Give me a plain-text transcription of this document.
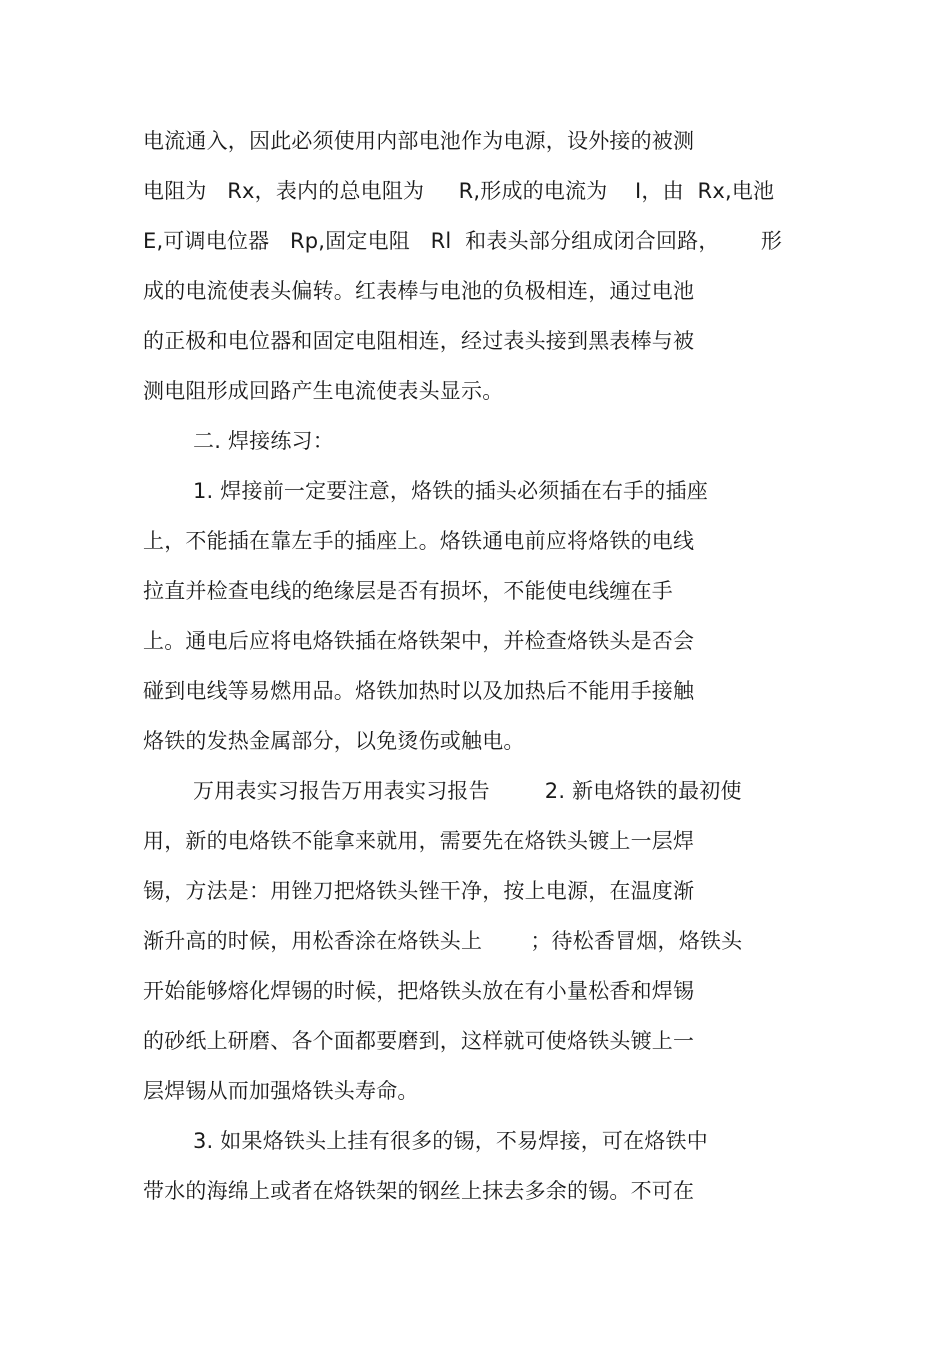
电流通入，因此必须使用内部电池作为电源，设外接的被测
电阻为   Rx，表内的总电阻为     R,形成的电流为    I，由  Rx,电池
E,可调电位器   Rp,固定电阻   Rl  和表头部分组成闭合回路，      形
成的电流使表头偏转。红表棒与电池的负极相连，通过电池
的正极和电位器和固定电阻相连，经过表头接到黑表棒与被
测电阻形成回路产生电流使表头显示。
二. 焊接练习：
1. 焊接前一定要注意，烙铁的插头必须插在右手的插座
上，不能插在靠左手的插座上。烙铁通电前应将烙铁的电线
拉直并检查电线的绝缘层是否有损坏，不能使电线缠在手
上。通电后应将电烙铁插在烙铁架中，并检查烙铁头是否会
碰到电线等易燃用品。烙铁加热时以及加热后不能用手接触
烙铁的发热金属部分，以免烫伤或触电。
万用表实习报告万用表实习报告        2. 新电烙铁的最初使
用，新的电烙铁不能拿来就用，需要先在烙铁头镀上一层焊
锡，方法是：用锉刀把烙铁头锉干净，按上电源，在温度渐
渐升高的时候，用松香涂在烙铁头上       ；待松香冒烟，烙铁头
开始能够熔化焊锡的时候，把烙铁头放在有小量松香和焊锡
的砂纸上研磨、各个面都要磨到，这样就可使烙铁头镀上一
层焊锡从而加强烙铁头寿命。
3. 如果烙铁头上挂有很多的锡，不易焊接，可在烙铁中
带水的海绵上或者在烙铁架的钢丝上抹去多余的锡。不可在
